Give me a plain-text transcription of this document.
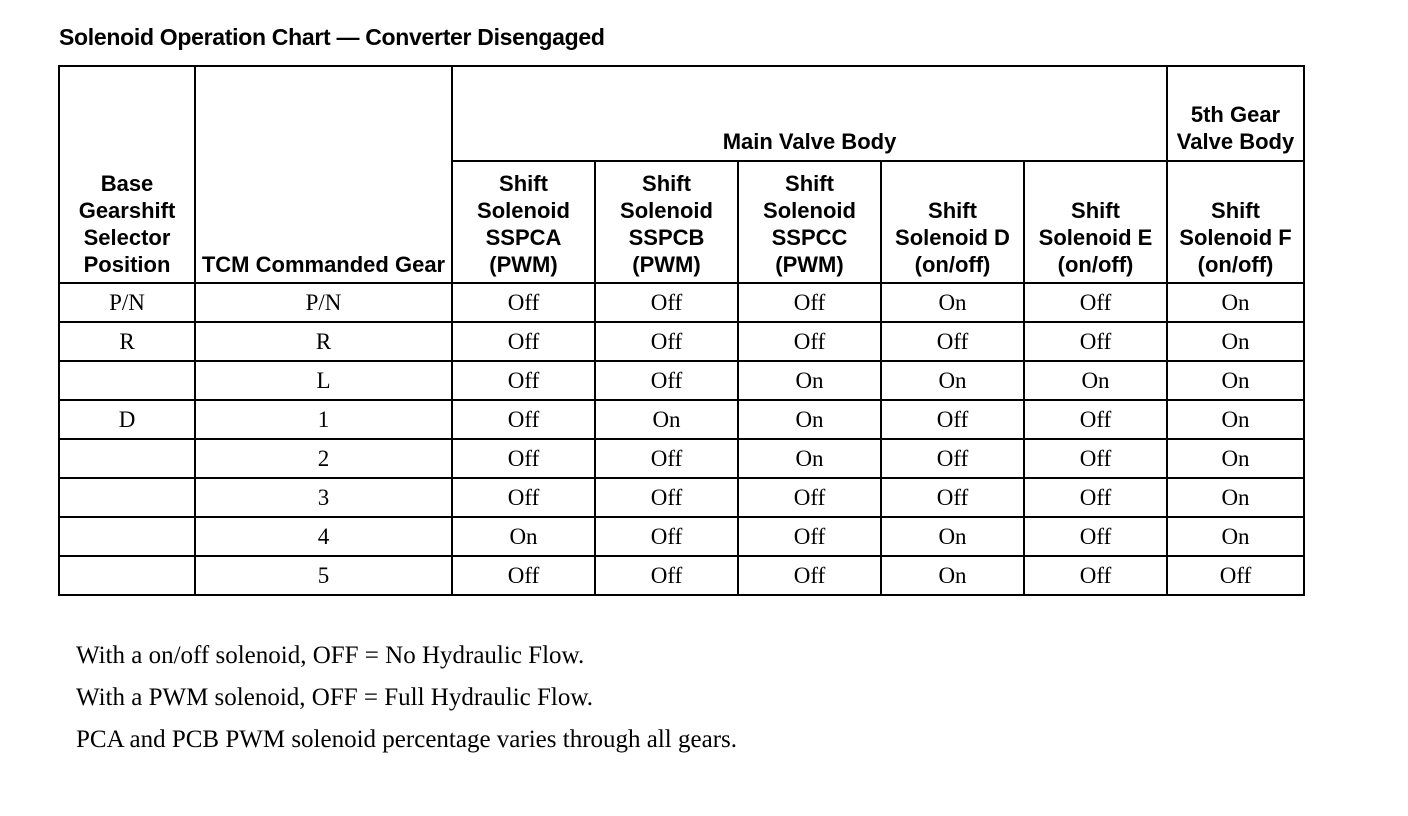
Solenoid Operation Chart — Converter Disengaged
Base Gearshift Selector Position	TCM Commanded Gear	Main Valve Body					5th Gear Valve Body
		Shift Solenoid SSPCA (PWM)	Shift Solenoid SSPCB (PWM)	Shift Solenoid SSPCC (PWM)	Shift Solenoid D (on/off)	Shift Solenoid E (on/off)	Shift Solenoid F (on/off)
P/N	P/N	Off	Off	Off	On	Off	On
R	R	Off	Off	Off	Off	Off	On
	L	Off	Off	On	On	On	On
D	1	Off	On	On	Off	Off	On
	2	Off	Off	On	Off	Off	On
	3	Off	Off	Off	Off	Off	On
	4	On	Off	Off	On	Off	On
	5	Off	Off	Off	On	Off	Off

With a on/off solenoid, OFF = No Hydraulic Flow.

With a PWM solenoid, OFF = Full Hydraulic Flow.

PCA and PCB PWM solenoid percentage varies through all gears.
